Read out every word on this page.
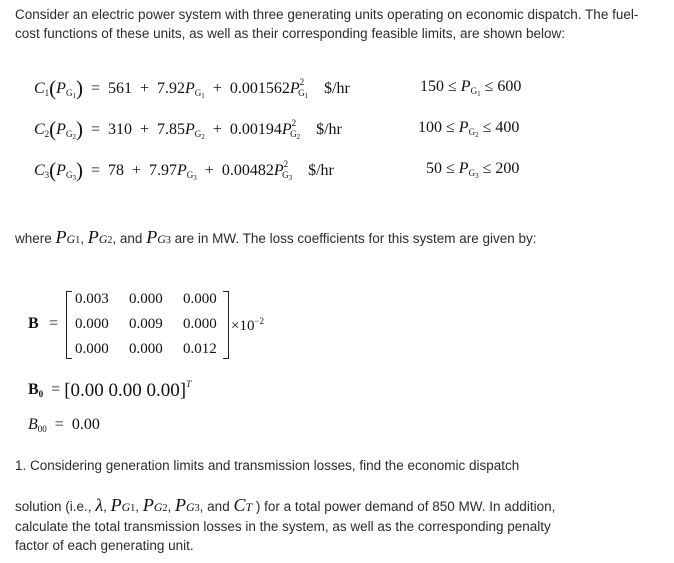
Consider an electric power system with three generating units operating on economic dispatch. The fuel-
cost functions of these units, as well as their corresponding feasible limits, are shown below:
$C_1(P_{G_1}) = 561 + 7.92P_{G_1} + 0.001562P2_{G_1}$ $/hr	$150 \le P_{G_1} \le 600$
$C_2(P_{G_2}) = 310 + 7.85P_{G_2} + 0.00194P2_{G_2}$ $/hr	$100 \le P_{G_2} \le 400$
$C_3(P_{G_3}) = 78 + 7.97P_{G_3} + 0.00482P2_{G_3}$ $/hr	$50 \le P_{G_3} \le 200$
where PG1, PG2, and PG3 are in MW. The loss coefficients for this system are given by:
B =
0.003 0.000 0.000
0.000 0.009 0.000
0.000 0.000 0.012
$\times 10^{-2}$
$B_0 = [0.00$ 0.00 0.00]$^T$
$B_{00} = 0.00$
1. Considering generation limits and transmission losses, find the economic dispatch
solution (i.e., λ, PG1, PG2, PG3, and CT ) for a total power demand of 850 MW. In addition,
calculate the total transmission losses in the system, as well as the corresponding penalty
factor of each generating unit.
